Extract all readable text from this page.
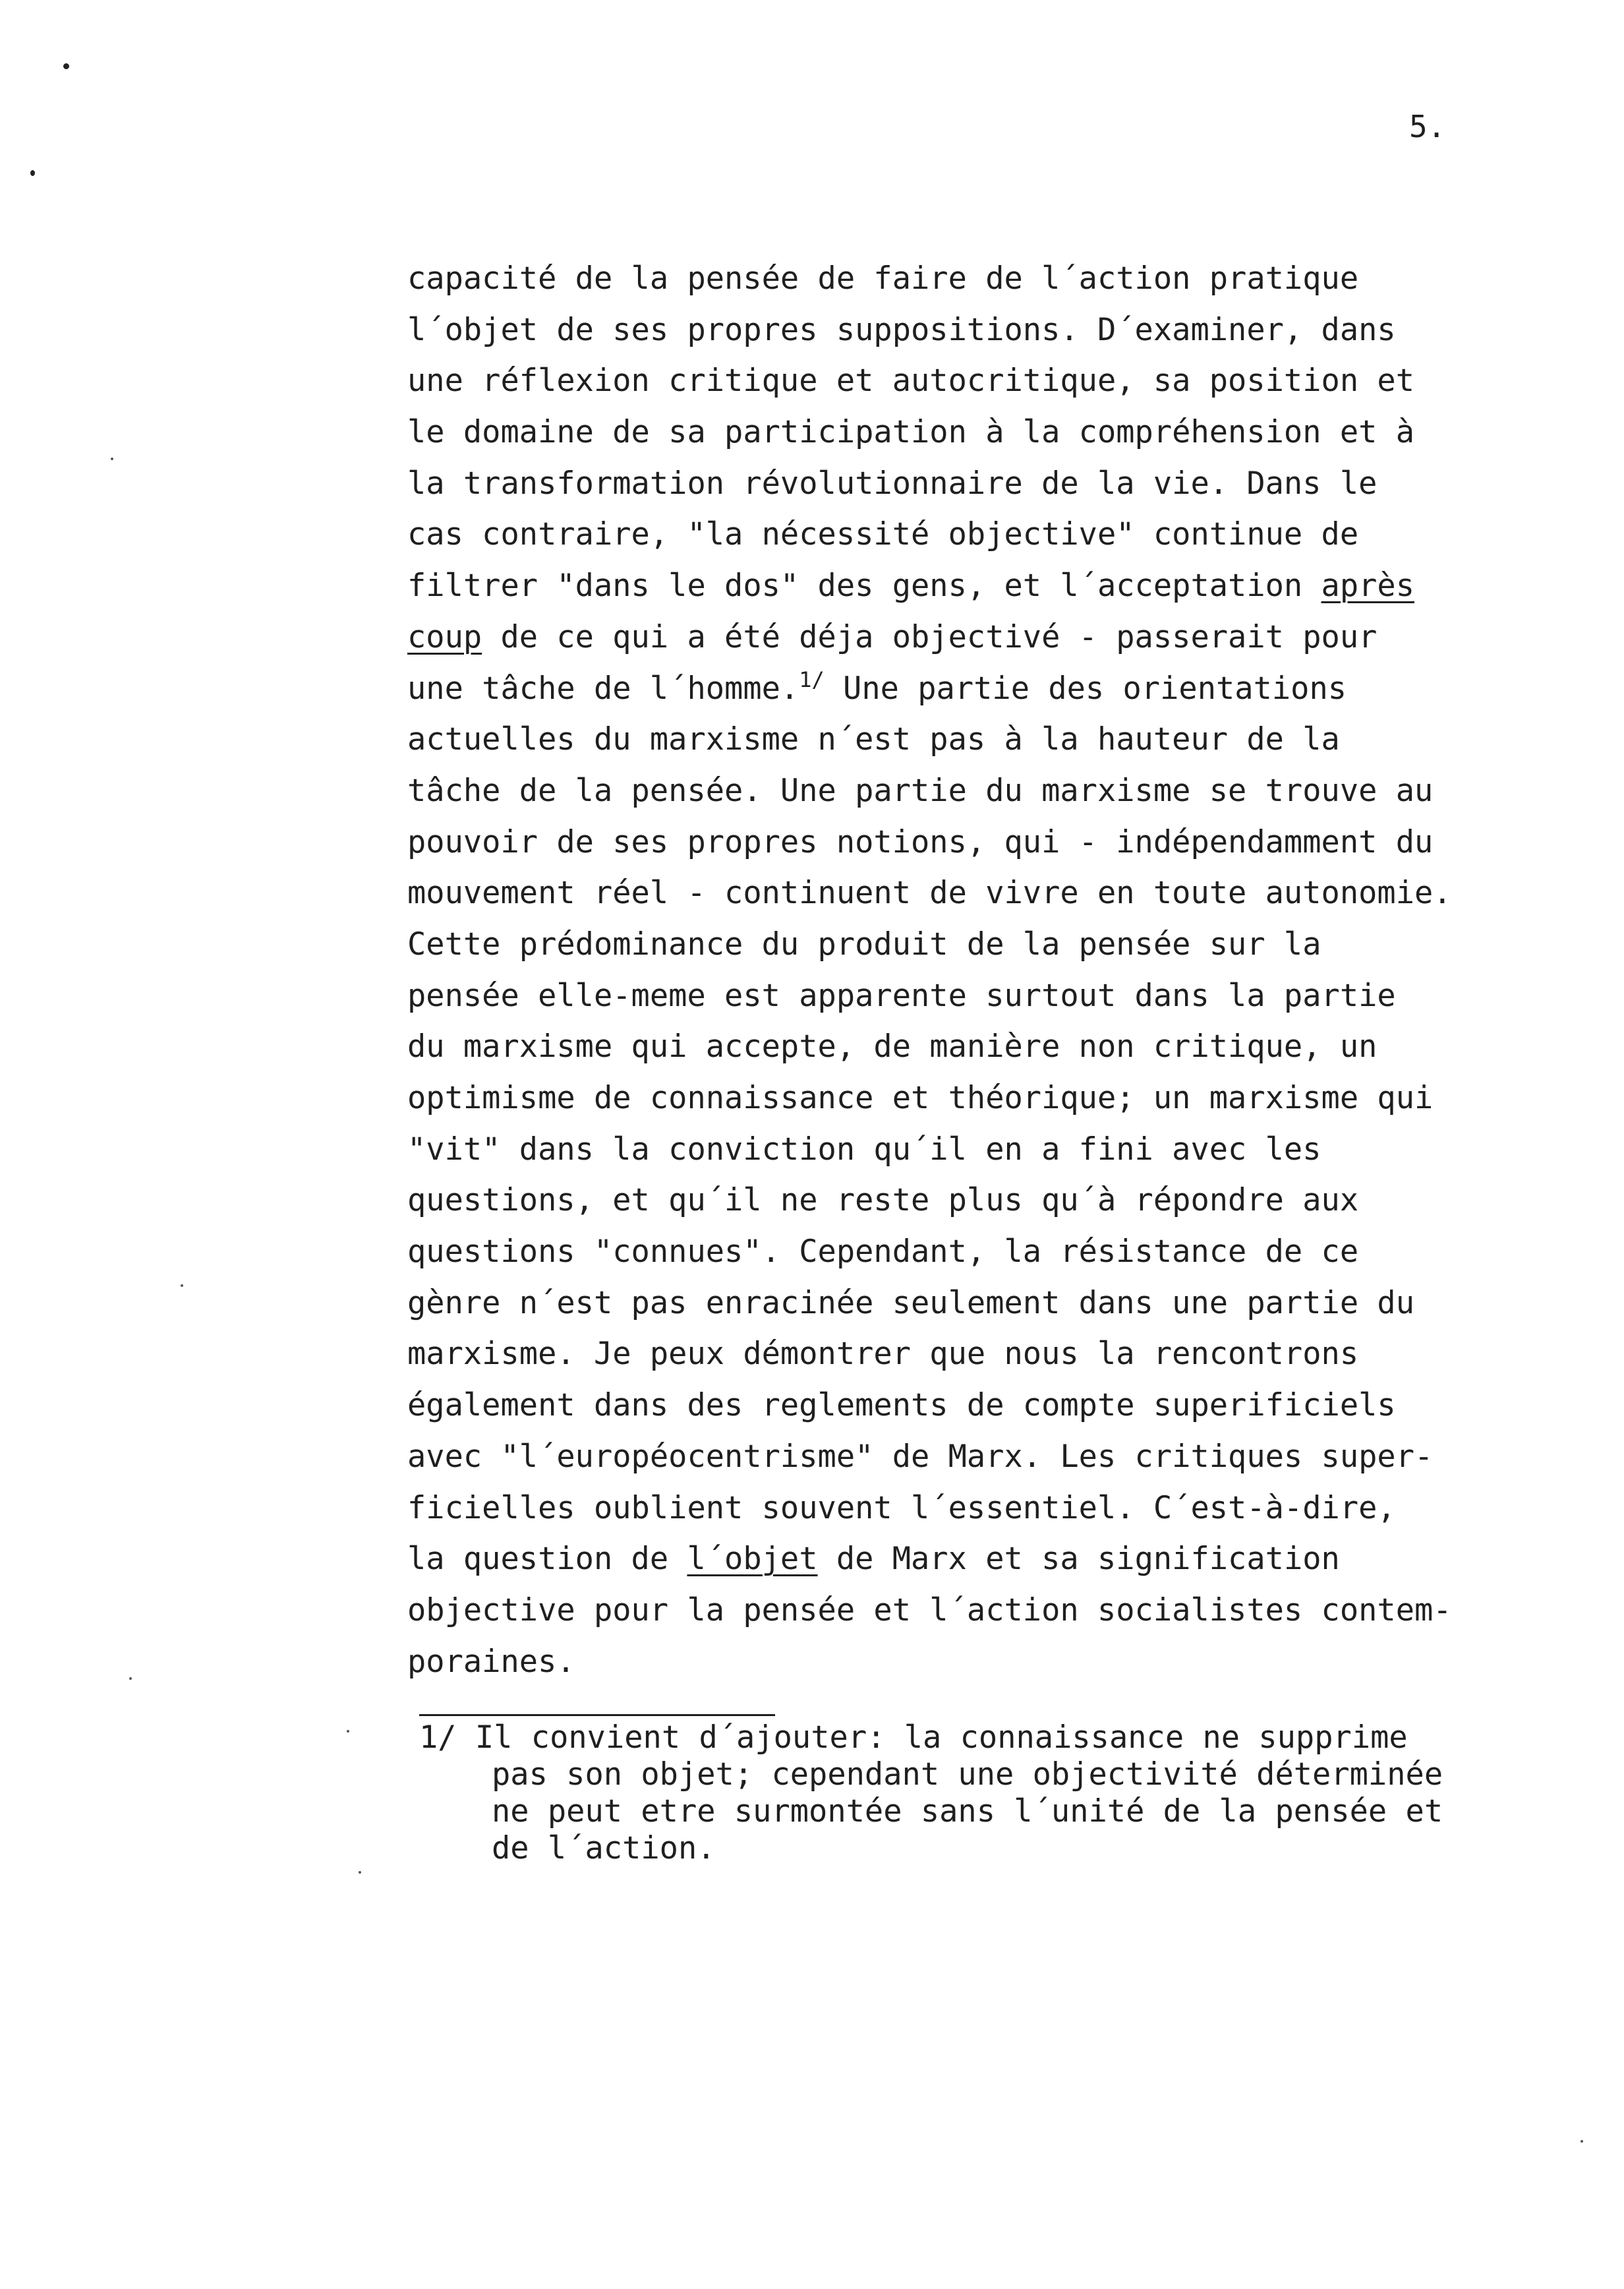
5.
capacité de la pensée de faire de l´action pratique
l´objet de ses propres suppositions. D´examiner, dans
une réflexion critique et autocritique, sa position et
le domaine de sa participation à la compréhension et à
la transformation révolutionnaire de la vie. Dans le
cas contraire, "la nécessité objective" continue de
filtrer "dans le dos" des gens, et l´acceptation après
coup de ce qui a été déja objectivé - passerait pour
une tâche de l´homme.$^{1/}$ Une partie des orientations
actuelles du marxisme n´est pas à la hauteur de la
tâche de la pensée. Une partie du marxisme se trouve au
pouvoir de ses propres notions, qui - indépendamment du
mouvement réel - continuent de vivre en toute autonomie.
Cette prédominance du produit de la pensée sur la
pensée elle-meme est apparente surtout dans la partie
du marxisme qui accepte, de manière non critique, un
optimisme de connaissance et théorique; un marxisme qui
"vit" dans la conviction qu´il en a fini avec les
questions, et qu´il ne reste plus qu´à répondre aux
questions "connues". Cependant, la résistance de ce
gènre n´est pas enracinée seulement dans une partie du
marxisme. Je peux démontrer que nous la rencontrons
également dans des reglements de compte superificiels
avec "l´européocentrisme" de Marx. Les critiques super-
ficielles oublient souvent l´essentiel. C´est-à-dire,
la question de l´objet de Marx et sa signification
objective pour la pensée et l´action socialistes contem-
poraines.
1/ Il convient d´ajouter: la connaissance ne supprime
pas son objet; cependant une objectivité déterminée
ne peut etre surmontée sans l´unité de la pensée et
de l´action.
